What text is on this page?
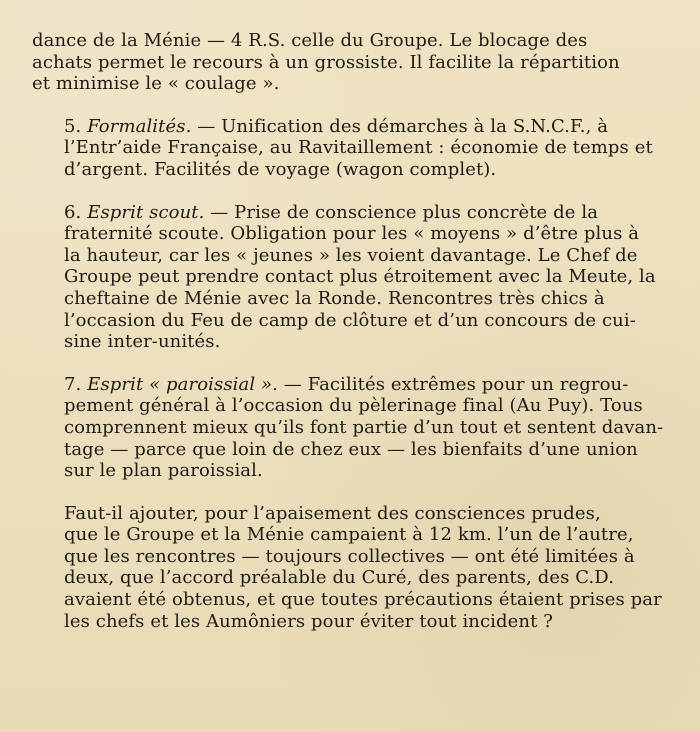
dance de la Ménie — 4 R.S. celle du Groupe. Le blocage des
achats permet le recours à un grossiste. Il facilite la répartition
et minimise le « coulage ».

5. Formalités. — Unification des démarches à la S.N.C.F., à
l’Entr’aide Française, au Ravitaillement : économie de temps et
d’argent. Facilités de voyage (wagon complet).

6. Esprit scout. — Prise de conscience plus concrète de la
fraternité scoute. Obligation pour les « moyens » d’être plus à
la hauteur, car les « jeunes » les voient davantage. Le Chef de
Groupe peut prendre contact plus étroitement avec la Meute, la
cheftaine de Ménie avec la Ronde. Rencontres très chics à
l’occasion du Feu de camp de clôture et d’un concours de cui-
sine inter-unités.

7. Esprit « paroissial ». — Facilités extrêmes pour un regrou-
pement général à l’occasion du pèlerinage final (Au Puy). Tous
comprennent mieux qu’ils font partie d’un tout et sentent davan-
tage — parce que loin de chez eux — les bienfaits d’une union
sur le plan paroissial.

Faut-il ajouter, pour l’apaisement des consciences prudes,
que le Groupe et la Ménie campaient à 12 km. l’un de l’autre,
que les rencontres — toujours collectives — ont été limitées à
deux, que l’accord préalable du Curé, des parents, des C.D.
avaient été obtenus, et que toutes précautions étaient prises par
les chefs et les Aumôniers pour éviter tout incident ?
